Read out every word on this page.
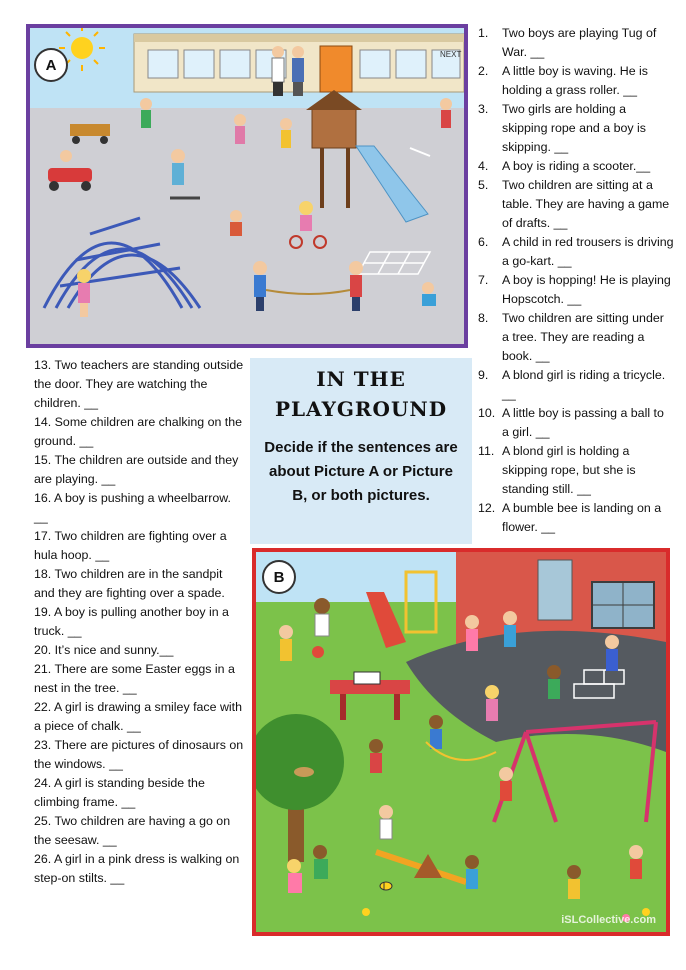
A
NEXT
1.	Two boys are playing Tug of War. __
2.	A little boy is waving. He is holding a grass roller. __
3.	Two girls are holding a skipping rope and a boy is skipping. __
4.	A boy is riding a scooter.__
5.	Two children are sitting at a table. They are having a game of drafts. __
6.	A child in red trousers is driving a go-kart. __
7.	A boy is hopping! He is playing Hopscotch. __
8.	Two children are sitting under a tree. They are reading a book. __
9.	A blond girl is riding a tricycle. __
10. A little boy is passing a ball to a girl. __
11. A blond girl is holding a skipping rope, but she is standing still. __
12. A bumble bee is landing on a flower. __
13. Two teachers are standing outside the door. They are watching the children. __
14. Some children are chalking on the ground. __
15. The children are outside and they are playing. __
16. A boy is pushing a wheelbarrow. __
17. Two children are fighting over a hula hoop. __
18. Two children are in the sandpit and they are fighting over a spade.
19. A boy is pulling another boy in a truck. __
20. It’s nice and sunny.__
21. There are some Easter eggs in a nest in the tree. __
22. A girl is drawing a smiley face with a piece of chalk. __
23. There are pictures of dinosaurs on the windows. __
24. A girl is standing beside the climbing frame. __
25. Two children are having a go on the seesaw. __
26. A girl in a pink dress is walking on step-on stilts. __
IN THE PLAYGROUND
Decide if the sentences are about Picture A or Picture B, or both pictures.
B
iSLCollective.com
